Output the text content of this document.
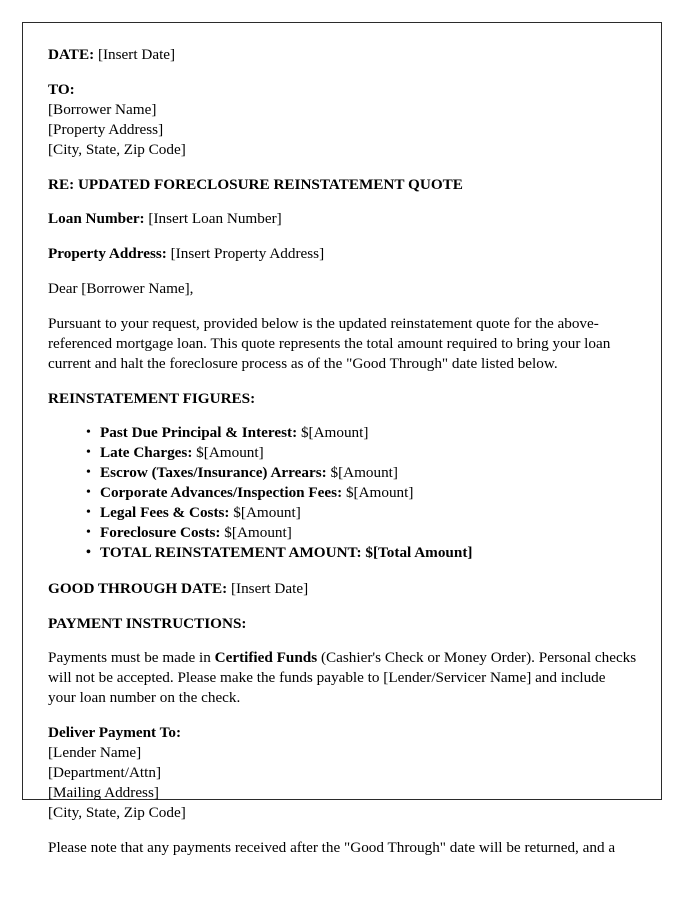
DATE: [Insert Date]

TO:
[Borrower Name]
[Property Address]
[City, State, Zip Code]

RE: UPDATED FORECLOSURE REINSTATEMENT QUOTE

Loan Number: [Insert Loan Number]

Property Address: [Insert Property Address]

Dear [Borrower Name],

Pursuant to your request, provided below is the updated reinstatement quote for the above-referenced mortgage loan. This quote represents the total amount required to bring your loan current and halt the foreclosure process as of the "Good Through" date listed below.

REINSTATEMENT FIGURES:

• Past Due Principal & Interest: $[Amount]
• Late Charges: $[Amount]
• Escrow (Taxes/Insurance) Arrears: $[Amount]
• Corporate Advances/Inspection Fees: $[Amount]
• Legal Fees & Costs: $[Amount]
• Foreclosure Costs: $[Amount]
• TOTAL REINSTATEMENT AMOUNT: $[Total Amount]

GOOD THROUGH DATE: [Insert Date]

PAYMENT INSTRUCTIONS:

Payments must be made in Certified Funds (Cashier's Check or Money Order). Personal checks will not be accepted. Please make the funds payable to [Lender/Servicer Name] and include your loan number on the check.

Deliver Payment To:
[Lender Name]
[Department/Attn]
[Mailing Address]
[City, State, Zip Code]

Please note that any payments received after the "Good Through" date will be returned, and a
